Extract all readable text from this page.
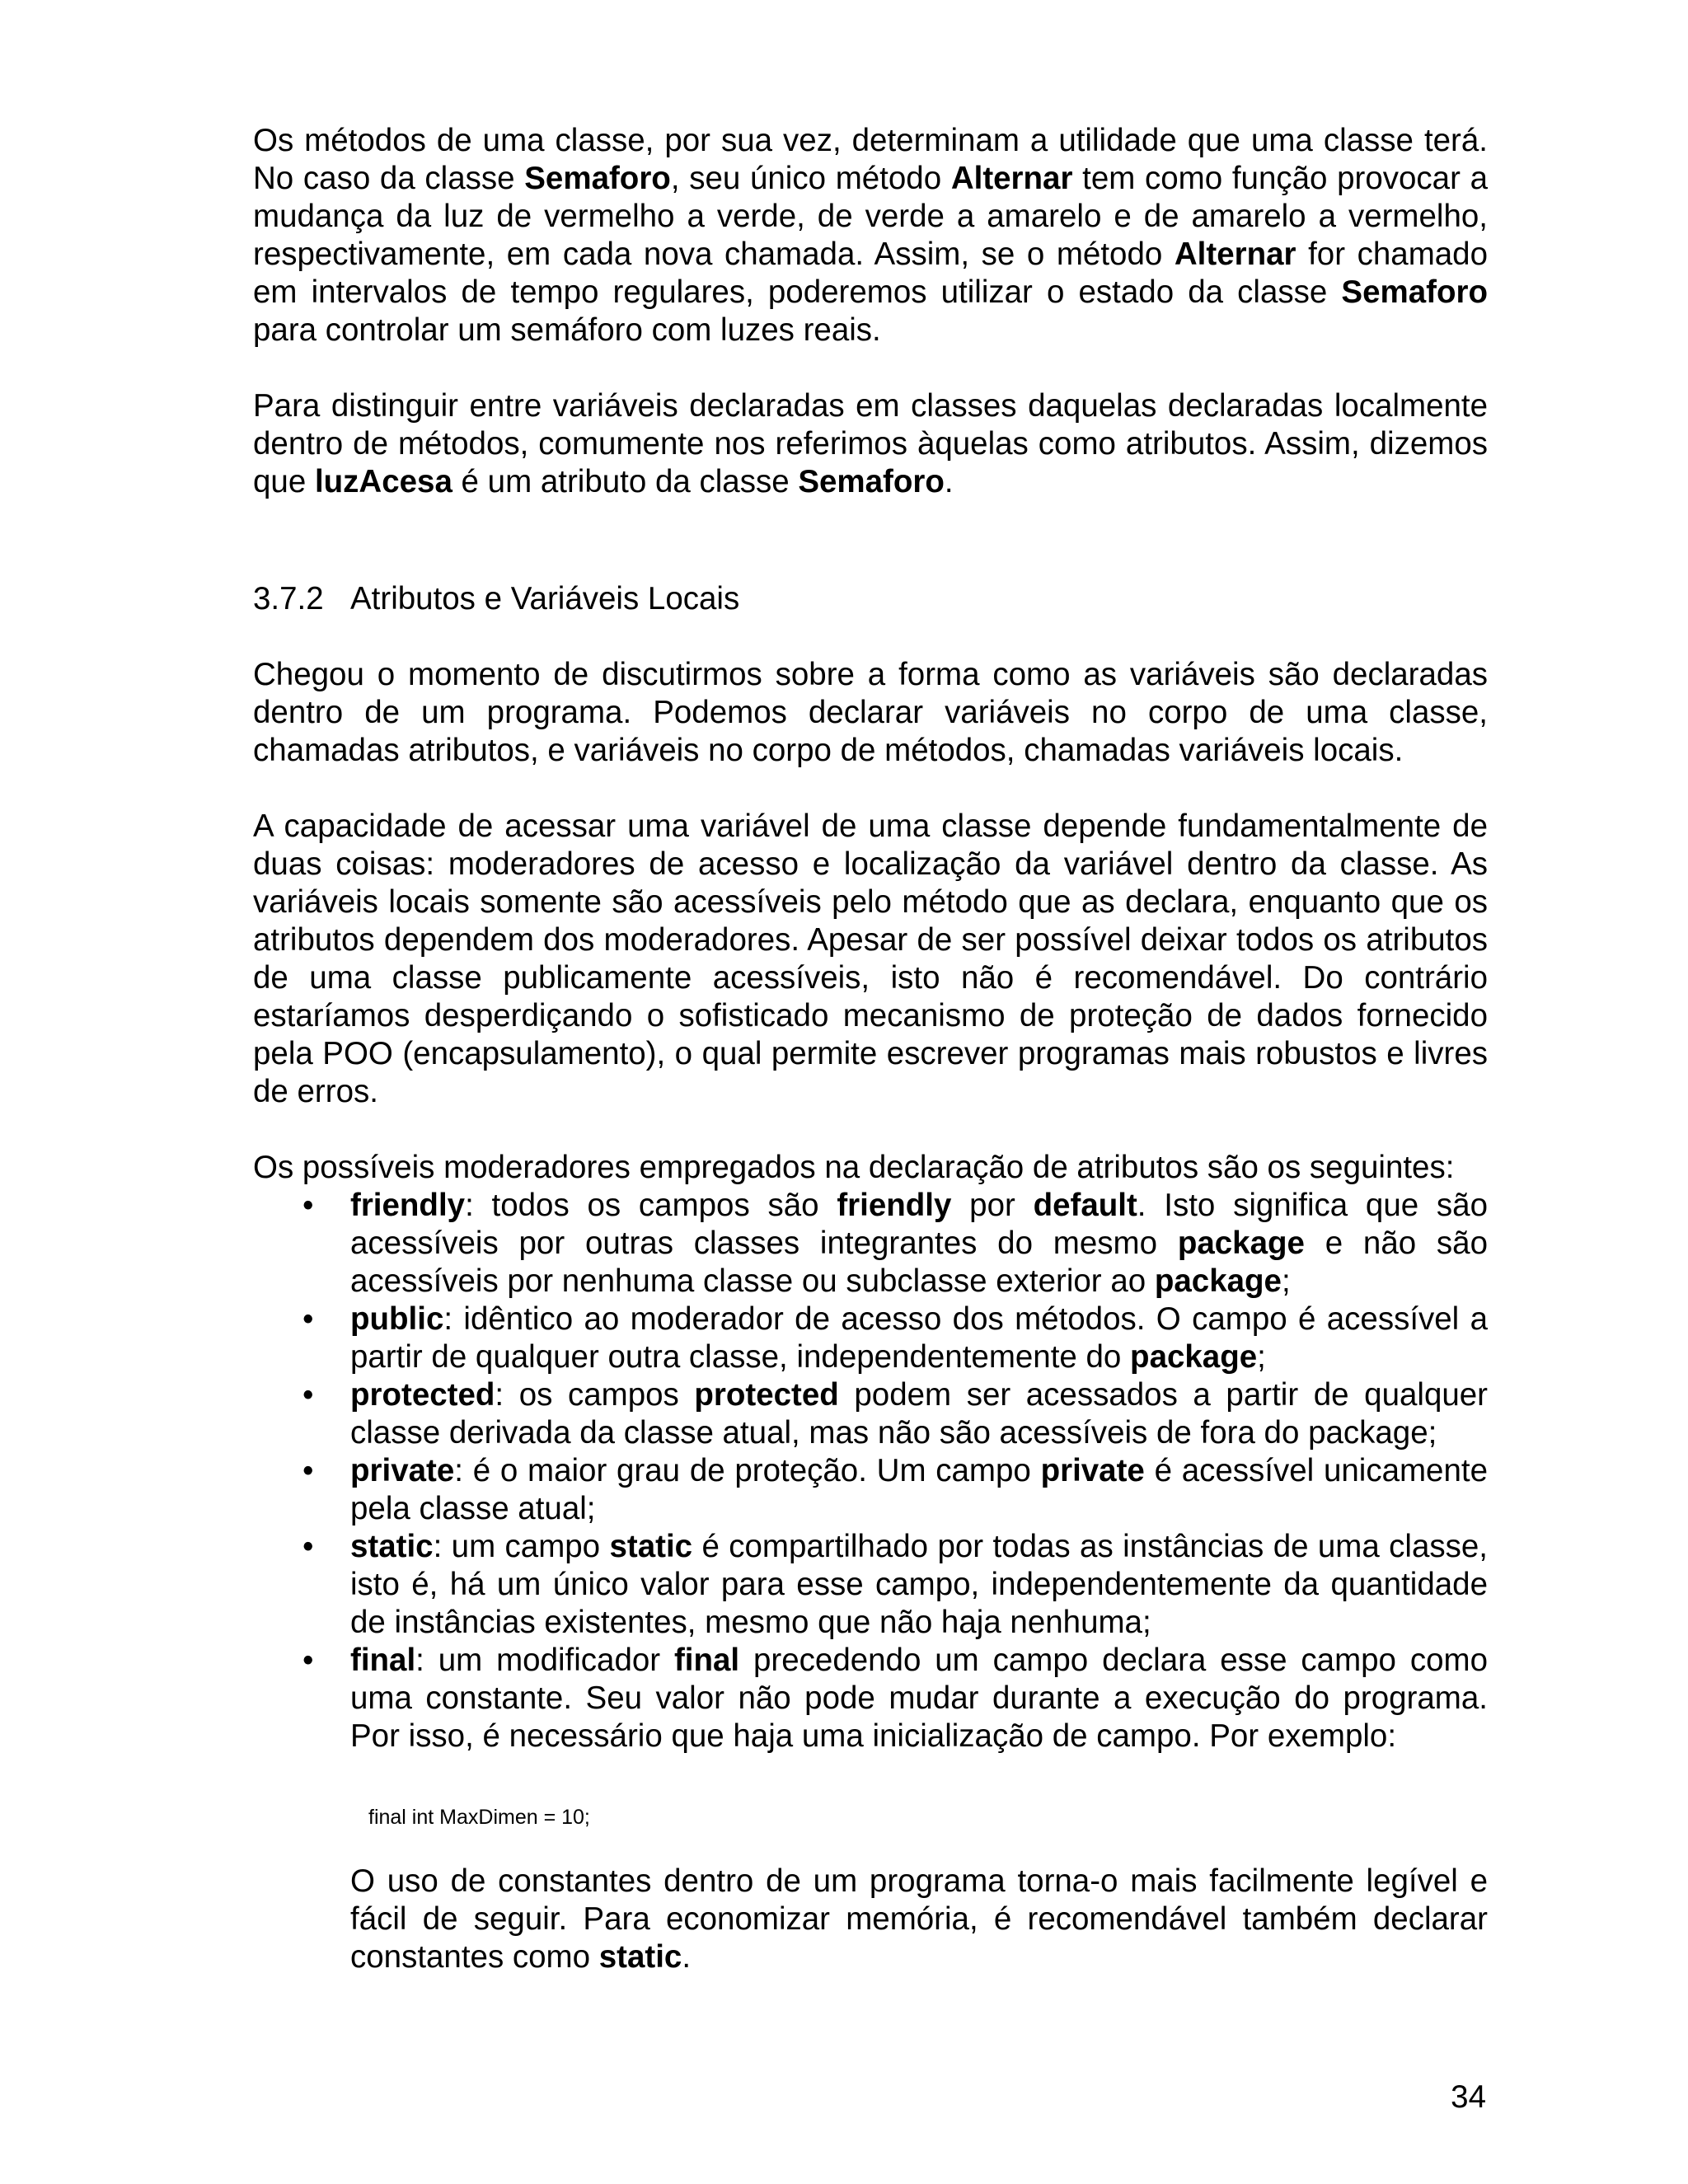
Os métodos de uma classe, por sua vez, determinam a utilidade que uma classe terá. No caso da classe Semaforo, seu único método Alternar tem como função provocar a mudança da luz de vermelho a verde, de verde a amarelo e de amarelo a vermelho, respectivamente, em cada nova chamada. Assim, se o método Alternar for chamado em intervalos de tempo regulares, poderemos utilizar o estado da classe Semaforo para controlar um semáforo com luzes reais.

Para distinguir entre variáveis declaradas em classes daquelas declaradas localmente dentro de métodos, comumente nos referimos àquelas como atributos. Assim, dizemos que luzAcesa é um atributo da classe Semaforo.

3.7.2 Atributos e Variáveis Locais

Chegou o momento de discutirmos sobre a forma como as variáveis são declaradas dentro de um programa. Podemos declarar variáveis no corpo de uma classe, chamadas atributos, e variáveis no corpo de métodos, chamadas variáveis locais.

A capacidade de acessar uma variável de uma classe depende fundamentalmente de duas coisas: moderadores de acesso e localização da variável dentro da classe. As variáveis locais somente são acessíveis pelo método que as declara, enquanto que os atributos dependem dos moderadores. Apesar de ser possível deixar todos os atributos de uma classe publicamente acessíveis, isto não é recomendável. Do contrário estaríamos desperdiçando o sofisticado mecanismo de proteção de dados fornecido pela POO (encapsulamento), o qual permite escrever programas mais robustos e livres de erros.

Os possíveis moderadores empregados na declaração de atributos são os seguintes:

• friendly: todos os campos são friendly por default. Isto significa que são acessíveis por outras classes integrantes do mesmo package e não são acessíveis por nenhuma classe ou subclasse exterior ao package;
• public: idêntico ao moderador de acesso dos métodos. O campo é acessível a partir de qualquer outra classe, independentemente do package;
• protected: os campos protected podem ser acessados a partir de qualquer classe derivada da classe atual, mas não são acessíveis de fora do package;
• private: é o maior grau de proteção. Um campo private é acessível unicamente pela classe atual;
• static: um campo static é compartilhado por todas as instâncias de uma classe, isto é, há um único valor para esse campo, independentemente da quantidade de instâncias existentes, mesmo que não haja nenhuma;
• final: um modificador final precedendo um campo declara esse campo como uma constante. Seu valor não pode mudar durante a execução do programa. Por isso, é necessário que haja uma inicialização de campo. Por exemplo:
final int MaxDimen = 10;

O uso de constantes dentro de um programa torna-o mais facilmente legível e fácil de seguir. Para economizar memória, é recomendável também declarar constantes como static.

34
